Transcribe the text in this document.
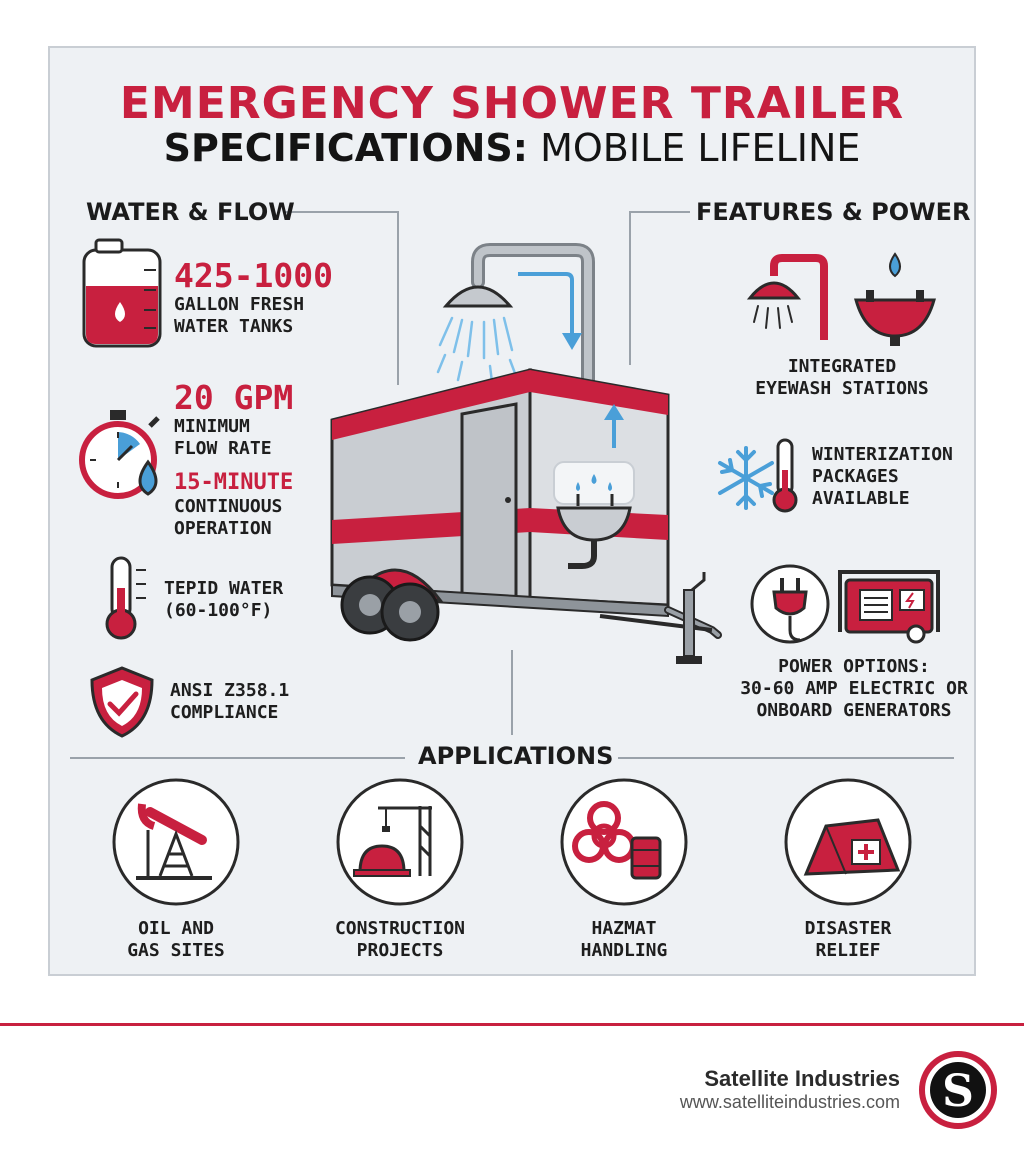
EMERGENCY SHOWER TRAILER
SPECIFICATIONS: MOBILE LIFELINE
S
WATER & FLOW	FEATURES & POWER
APPLICATIONS
425-1000
GALLON FRESH
WATER TANKS
20 GPM
MINIMUM
FLOW RATE
15-MINUTE
CONTINUOUS
OPERATION
TEPID WATER
(60-100°F)
ANSI Z358.1
COMPLIANCE
INTEGRATED
EYEWASH STATIONS
WINTERIZATION
PACKAGES
AVAILABLE
POWER OPTIONS:
30-60 AMP ELECTRIC OR
ONBOARD GENERATORS
OIL AND
GAS SITES
CONSTRUCTION
PROJECTS
HAZMAT
HANDLING
DISASTER
RELIEF
Satellite Industries
www.satelliteindustries.com
